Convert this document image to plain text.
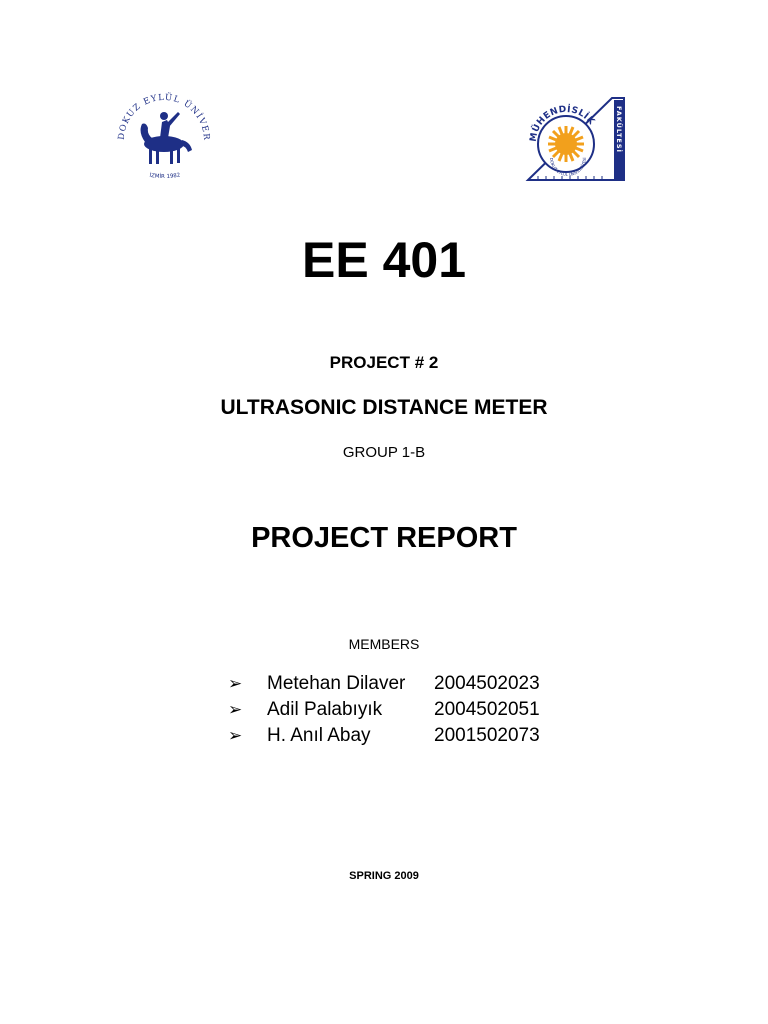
DOKUZ EYLÜL ÜNİVER
İZMİR 1982
FAKÜLTESİ
MÜHENDİSLİK
DOKUZ EYLÜL ÜNİVERSİTESİ
EE 401
PROJECT # 2
ULTRASONIC DISTANCE METER
GROUP 1-B
PROJECT REPORT
MEMBERS
➢ Metehan Dilaver 2004502023
➢ Adil Palabıyık	2004502051
➢ H. Anıl Abay	2001502073
SPRING 2009
